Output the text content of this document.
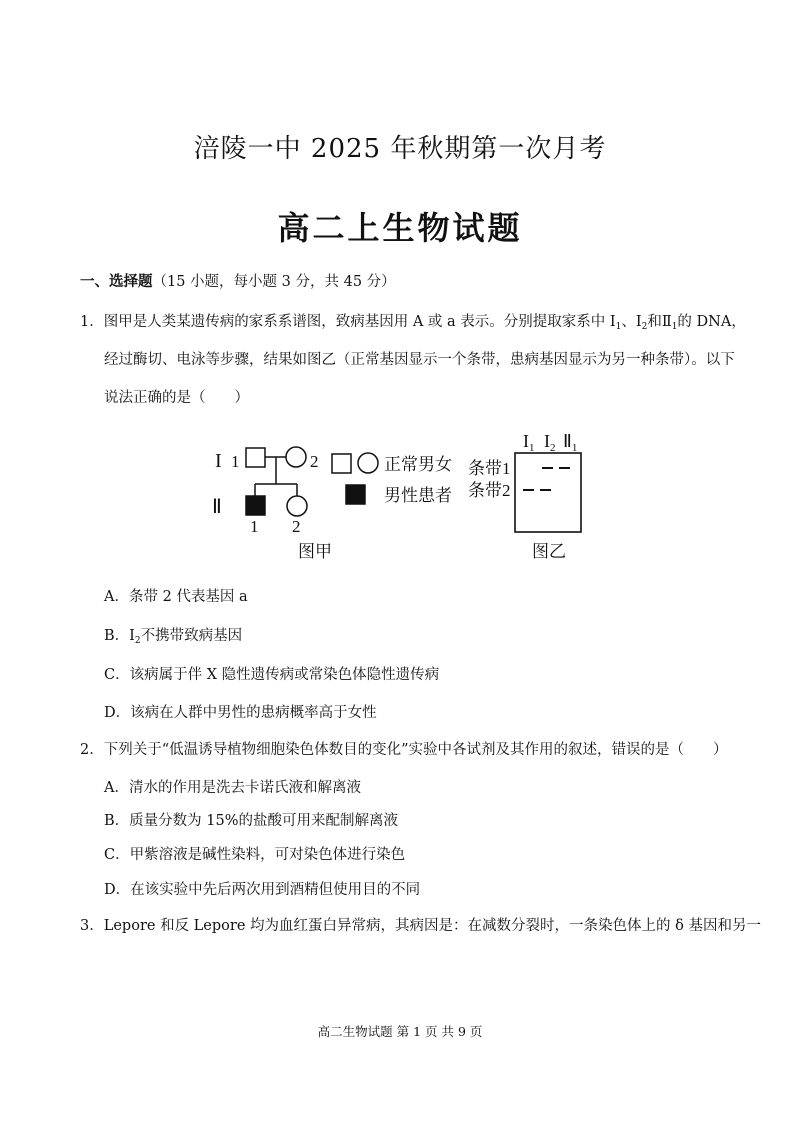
涪陵一中 2025 年秋期第一次月考
高二上生物试题
一、选择题（15 小题，每小题 3 分，共 45 分）
1．图甲是人类某遗传病的家系系谱图，致病基因用 A 或 a 表示。分别提取家系中 $I_1$、$I_2$和$Ⅱ_1$的 DNA，
经过酶切、电泳等步骤，结果如图乙（正常基因显示一个条带，患病基因显示为另一种条带）。以下
说法正确的是（　　）
I 1
Ⅱ
2
1 2
正常男女
男性患者
图甲	图乙
$I_1$ $I_2$ $Ⅱ_1$
条带1
条带2
A．条带 2 代表基因 a
B．$I_2$不携带致病基因
C．该病属于伴 X 隐性遗传病或常染色体隐性遗传病
D．该病在人群中男性的患病概率高于女性
2．下列关于“低温诱导植物细胞染色体数目的变化”实验中各试剂及其作用的叙述，错误的是（　　）
A．清水的作用是洗去卡诺氏液和解离液
B．质量分数为 15%的盐酸可用来配制解离液
C．甲紫溶液是碱性染料，可对染色体进行染色
D．在该实验中先后两次用到酒精但使用目的不同
3．Lepore 和反 Lepore 均为血红蛋白异常病，其病因是：在减数分裂时，一条染色体上的 δ 基因和另一
高二生物试题 第 1 页 共 9 页
